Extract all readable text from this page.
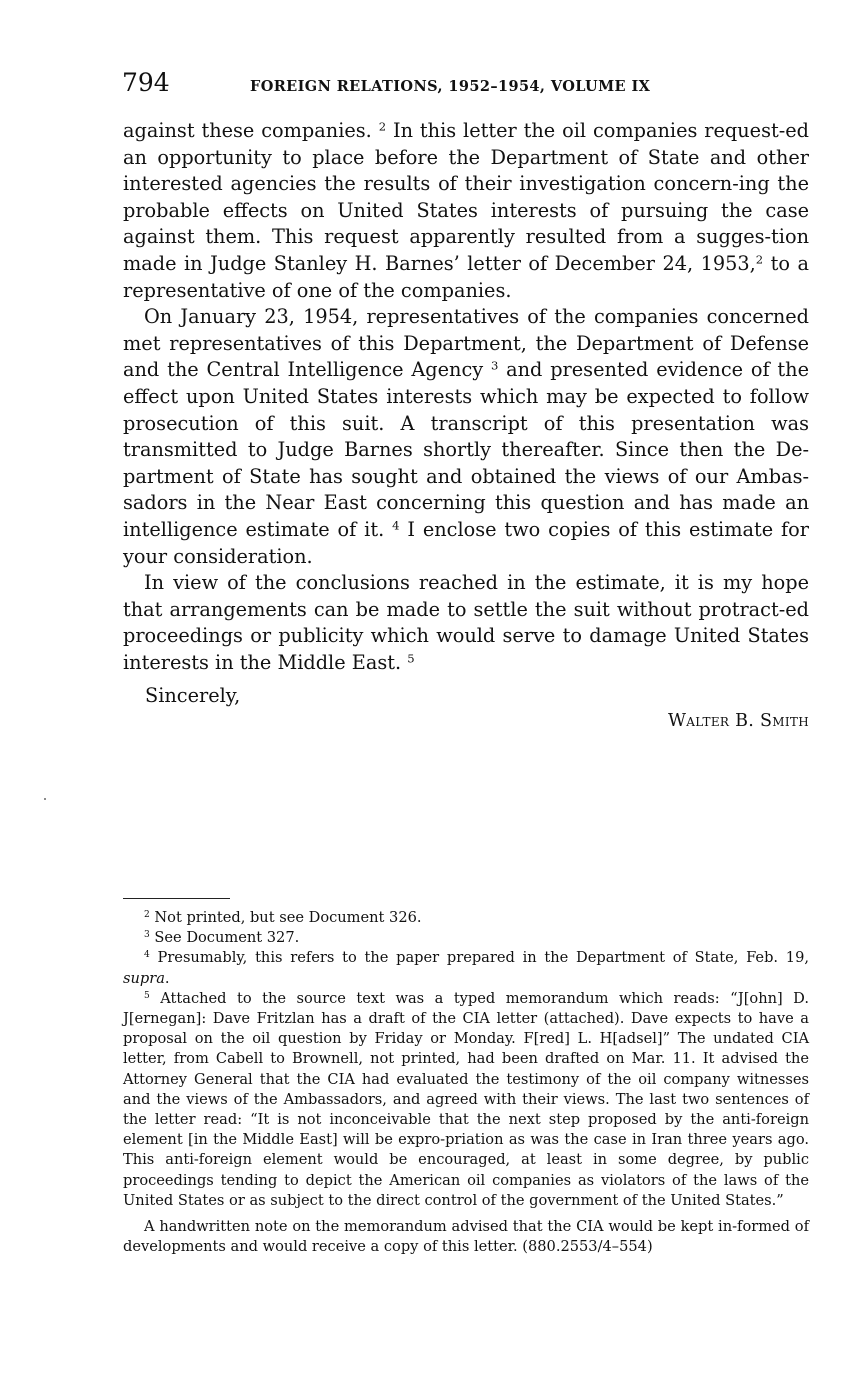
794	FOREIGN RELATIONS, 1952–1954, VOLUME IX

against these companies. $^2$ In this letter the oil companies request-ed an opportunity to place before the Department of State and other interested agencies the results of their investigation concern-ing the probable effects on United States interests of pursuing the case against them. This request apparently resulted from a sugges-tion made in Judge Stanley H. Barnes’ letter of December 24, 1953,$^2$ to a representative of one of the companies.

On January 23, 1954, representatives of the companies concerned met representatives of this Department, the Department of Defense and the Central Intelligence Agency $^3$ and presented evidence of the effect upon United States interests which may be expected to follow prosecution of this suit. A transcript of this presentation was transmitted to Judge Barnes shortly thereafter. Since then the De-partment of State has sought and obtained the views of our Ambas-sadors in the Near East concerning this question and has made an intelligence estimate of it. $^4$ I enclose two copies of this estimate for your consideration.

In view of the conclusions reached in the estimate, it is my hope that arrangements can be made to settle the suit without protract-ed proceedings or publicity which would serve to damage United States interests in the Middle East. $^5$

Sincerely,
Walter B. Smith

$^2$ Not printed, but see Document 326.

$^3$ See Document 327.

$^4$ Presumably, this refers to the paper prepared in the Department of State, Feb. 19, supra.

$^5$ Attached to the source text was a typed memorandum which reads: “J[ohn] D. J[ernegan]: Dave Fritzlan has a draft of the CIA letter (attached). Dave expects to have a proposal on the oil question by Friday or Monday. F[red] L. H[adsel]” The undated CIA letter, from Cabell to Brownell, not printed, had been drafted on Mar. 11. It advised the Attorney General that the CIA had evaluated the testimony of the oil company witnesses and the views of the Ambassadors, and agreed with their views. The last two sentences of the letter read: “It is not inconceivable that the next step proposed by the anti-foreign element [in the Middle East] will be expro-priation as was the case in Iran three years ago. This anti-foreign element would be encouraged, at least in some degree, by public proceedings tending to depict the American oil companies as violators of the laws of the United States or as subject to the direct control of the government of the United States.”

A handwritten note on the memorandum advised that the CIA would be kept in-formed of developments and would receive a copy of this letter. (880.2553/4–554)
